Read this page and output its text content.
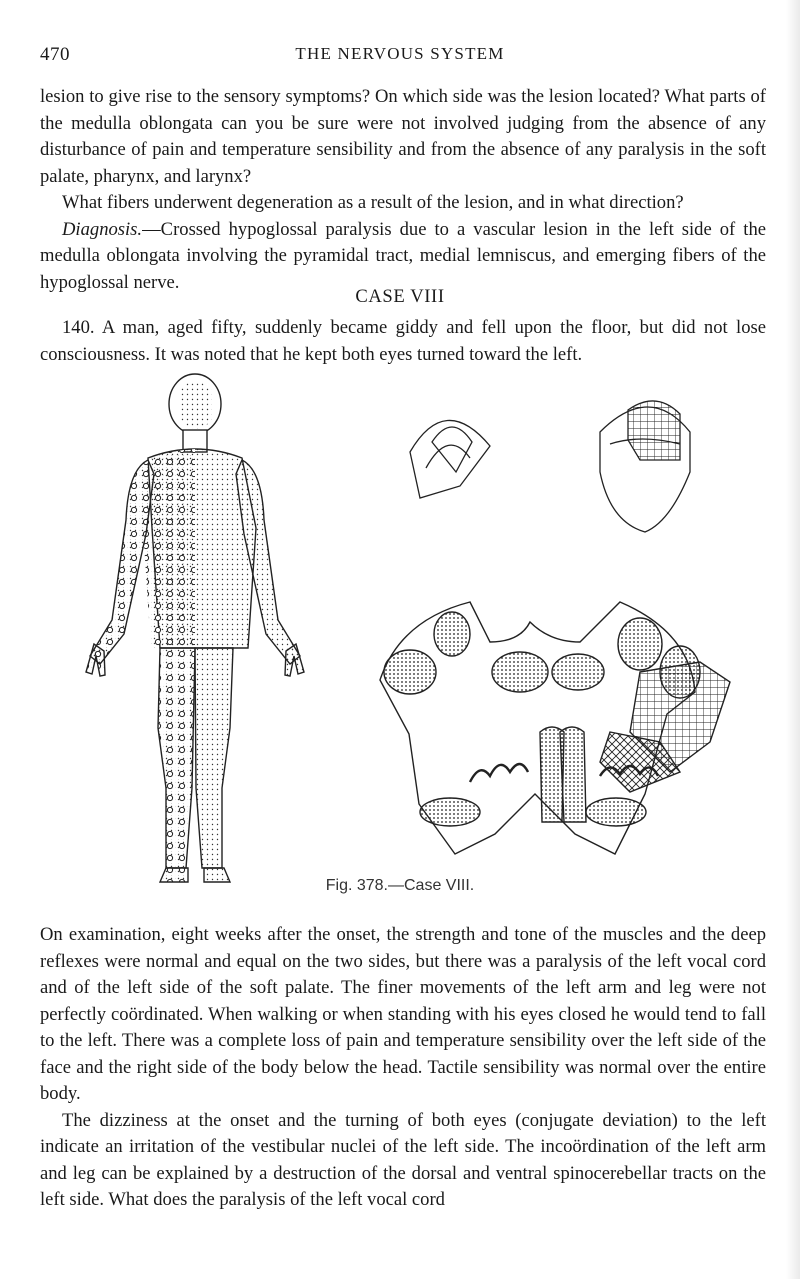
470	THE NERVOUS SYSTEM

lesion to give rise to the sensory symptoms? On which side was the lesion located? What parts of the medulla oblongata can you be sure were not involved judging from the absence of any disturbance of pain and temperature sensibility and from the absence of any paralysis in the soft palate, pharynx, and larynx?

What fibers underwent degeneration as a result of the lesion, and in what direction?

Diagnosis.—Crossed hypoglossal paralysis due to a vascular lesion in the left side of the medulla oblongata involving the pyramidal tract, medial lemniscus, and emerging fibers of the hypoglossal nerve.

CASE VIII

140. A man, aged fifty, suddenly became giddy and fell upon the floor, but did not lose consciousness. It was noted that he kept both eyes turned toward the left.

Fig. 378.—Case VIII.

On examination, eight weeks after the onset, the strength and tone of the muscles and the deep reflexes were normal and equal on the two sides, but there was a paralysis of the left vocal cord and of the left side of the soft palate. The finer movements of the left arm and leg were not perfectly coördinated. When walking or when standing with his eyes closed he would tend to fall to the left. There was a complete loss of pain and temperature sensibility over the left side of the face and the right side of the body below the head. Tactile sensibility was normal over the entire body.

The dizziness at the onset and the turning of both eyes (conjugate deviation) to the left indicate an irritation of the vestibular nuclei of the left side. The incoördination of the left arm and leg can be explained by a destruction of the dorsal and ventral spinocerebellar tracts on the left side. What does the paralysis of the left vocal cord
